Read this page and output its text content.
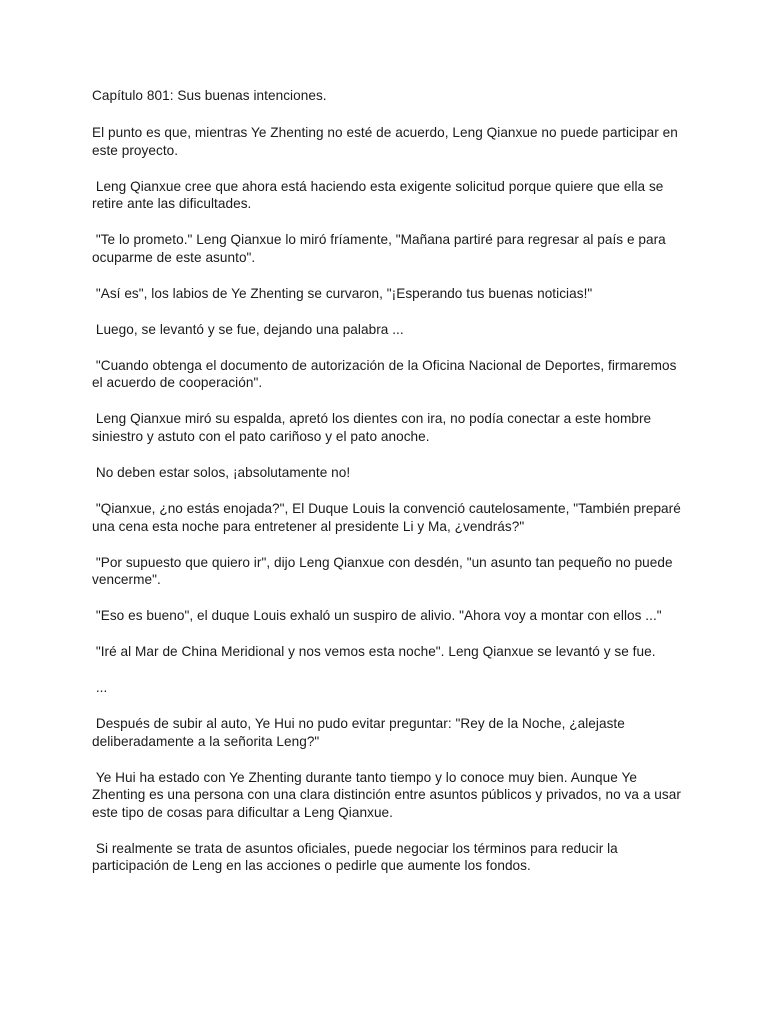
Capítulo 801: Sus buenas intenciones.

El punto es que, mientras Ye Zhenting no esté de acuerdo, Leng Qianxue no puede participar en este proyecto.

Leng Qianxue cree que ahora está haciendo esta exigente solicitud porque quiere que ella se retire ante las dificultades.

"Te lo prometo." Leng Qianxue lo miró fríamente, "Mañana partiré para regresar al país e para ocuparme de este asunto".

"Así es", los labios de Ye Zhenting se curvaron, "¡Esperando tus buenas noticias!"

Luego, se levantó y se fue, dejando una palabra ...

"Cuando obtenga el documento de autorización de la Oficina Nacional de Deportes, firmaremos el acuerdo de cooperación".

Leng Qianxue miró su espalda, apretó los dientes con ira, no podía conectar a este hombre siniestro y astuto con el pato cariñoso y el pato anoche.

No deben estar solos, ¡absolutamente no!

"Qianxue, ¿no estás enojada?", El Duque Louis la convenció cautelosamente, "También preparé una cena esta noche para entretener al presidente Li y Ma, ¿vendrás?"

"Por supuesto que quiero ir", dijo Leng Qianxue con desdén, "un asunto tan pequeño no puede vencerme".

"Eso es bueno", el duque Louis exhaló un suspiro de alivio. "Ahora voy a montar con ellos ..."

"Iré al Mar de China Meridional y nos vemos esta noche". Leng Qianxue se levantó y se fue.

...

Después de subir al auto, Ye Hui no pudo evitar preguntar: "Rey de la Noche, ¿alejaste deliberadamente a la señorita Leng?"

Ye Hui ha estado con Ye Zhenting durante tanto tiempo y lo conoce muy bien. Aunque Ye Zhenting es una persona con una clara distinción entre asuntos públicos y privados, no va a usar este tipo de cosas para dificultar a Leng Qianxue.

Si realmente se trata de asuntos oficiales, puede negociar los términos para reducir la participación de Leng en las acciones o pedirle que aumente los fondos.
